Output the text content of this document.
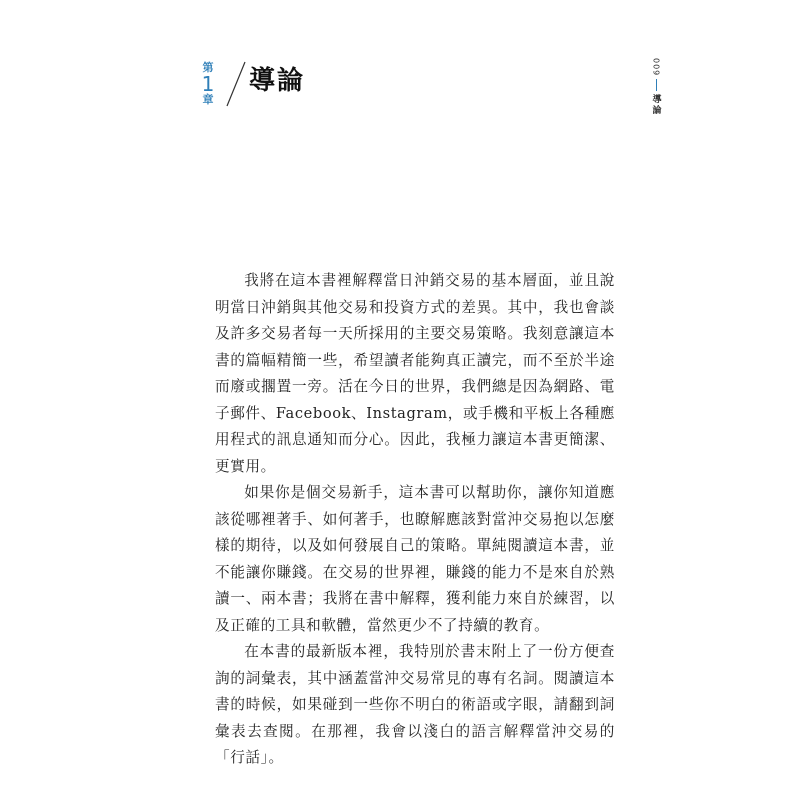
第
1
章
導論	009
導論

我將在這本書裡解釋當日沖銷交易的基本層面，並且說明當日沖銷與其他交易和投資方式的差異。其中，我也會談及許多交易者每一天所採用的主要交易策略。我刻意讓這本書的篇幅精簡一些，希望讀者能夠真正讀完，而不至於半途而廢或擱置一旁。活在今日的世界，我們總是因為網路、電子郵件、Facebook、Instagram，或手機和平板上各種應用程式的訊息通知而分心。因此，我極力讓這本書更簡潔、更實用。

如果你是個交易新手，這本書可以幫助你，讓你知道應該從哪裡著手、如何著手，也瞭解應該對當沖交易抱以怎麼樣的期待，以及如何發展自己的策略。單純閱讀這本書，並不能讓你賺錢。在交易的世界裡，賺錢的能力不是來自於熟讀一、兩本書；我將在書中解釋，獲利能力來自於練習，以及正確的工具和軟體，當然更少不了持續的教育。

在本書的最新版本裡，我特別於書末附上了一份方便查詢的詞彙表，其中涵蓋當沖交易常見的專有名詞。閱讀這本書的時候，如果碰到一些你不明白的術語或字眼，請翻到詞彙表去查閱。在那裡，我會以淺白的語言解釋當沖交易的「行話」。
